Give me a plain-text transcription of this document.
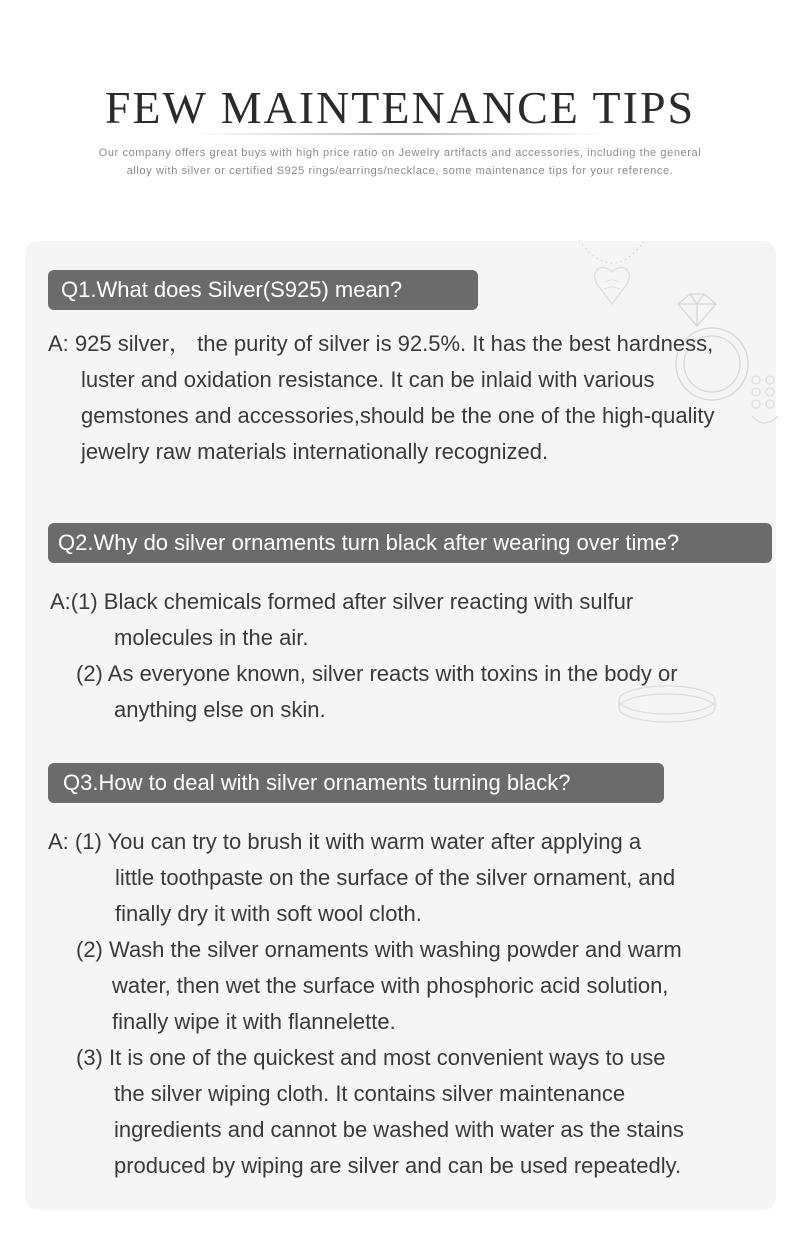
FEW MAINTENANCE TIPS
Our company offers great buys with high price ratio on Jewelry artifacts and accessories, including the general
alloy with silver or certified S925 rings/earrings/necklace, some maintenance tips for your reference.
Q1.What does Silver(S925) mean?
A: 925 silver， the purity of silver is 92.5%. It has the best hardness,
luster and oxidation resistance. It can be inlaid with various
gemstones and accessories,should be the one of the high-quality
jewelry raw materials internationally recognized.
Q2.Why do silver ornaments turn black after wearing over time?
A:(1) Black chemicals formed after silver reacting with sulfur
molecules in the air.
(2) As everyone known, silver reacts with toxins in the body or
anything else on skin.
Q3.How to deal with silver ornaments turning black?
A: (1) You can try to brush it with warm water after applying a
little toothpaste on the surface of the silver ornament, and
finally dry it with soft wool cloth.
(2) Wash the silver ornaments with washing powder and warm
water, then wet the surface with phosphoric acid solution,
finally wipe it with flannelette.
(3) It is one of the quickest and most convenient ways to use
the silver wiping cloth. It contains silver maintenance
ingredients and cannot be washed with water as the stains
produced by wiping are silver and can be used repeatedly.
